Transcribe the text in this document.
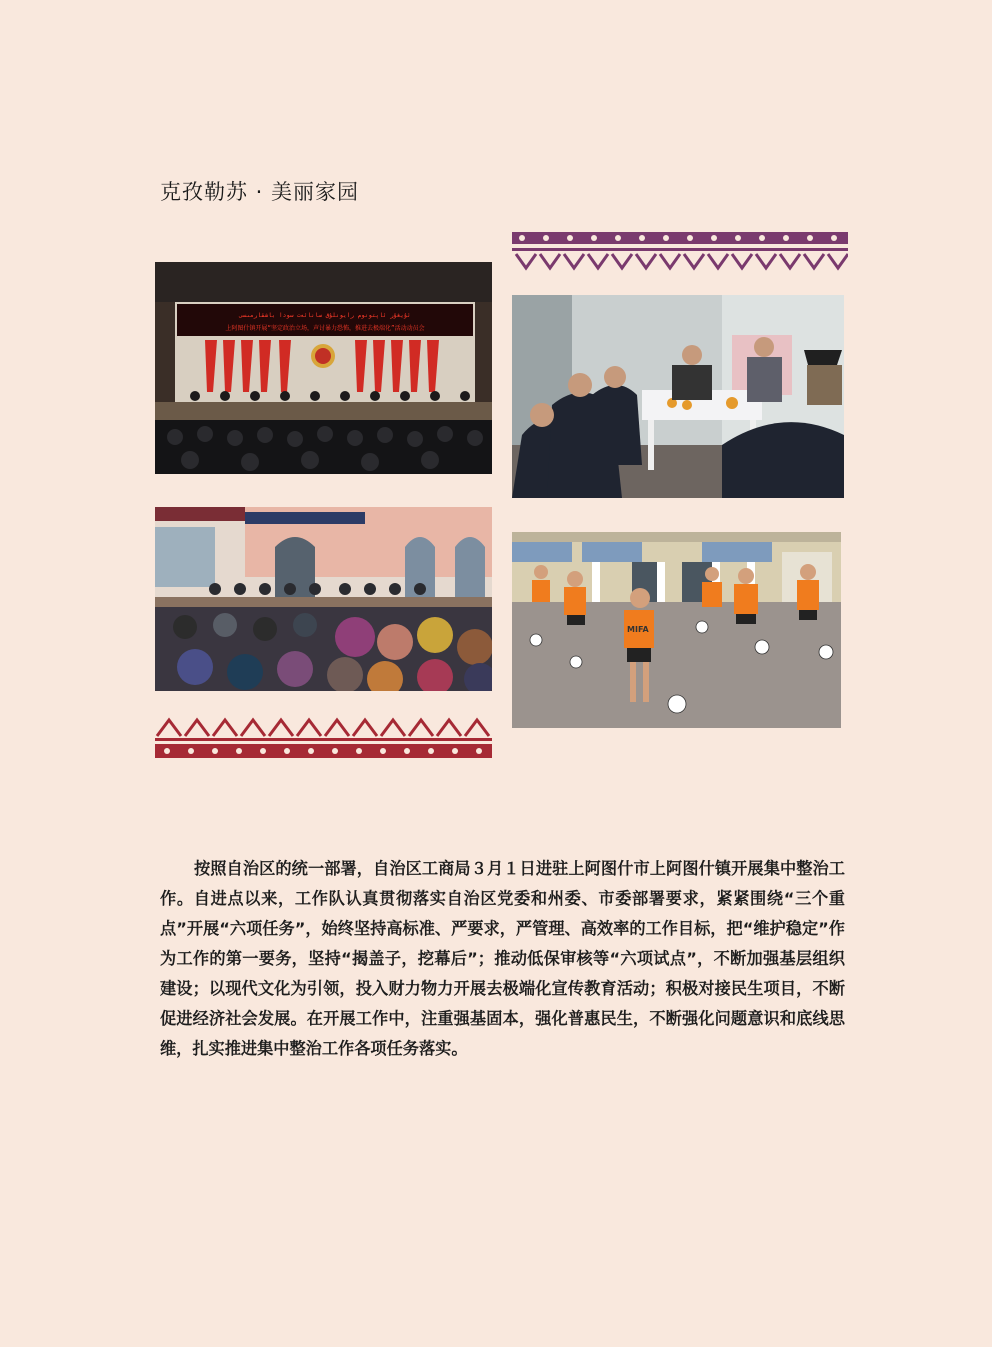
克孜勒苏 · 美丽家园
ئۇيغۇر ئاپتونوم رايونلۇق سانائەت سودا باشقارمىسى
上阿图什镇开展“坚定政治立场，声讨暴力恐怖，推进去极端化”活动动员会
MIFA

按照自治区的统一部署，自治区工商局３月１日进驻上阿图什市上阿图什镇开展集中整治工作。自进点以来，工作队认真贯彻落实自治区党委和州委、市委部署要求，紧紧围绕“三个重点”开展“六项任务”，始终坚持高标准、严要求，严管理、高效率的工作目标，把“维护稳定”作为工作的第一要务，坚持“揭盖子，挖幕后”；推动低保审核等“六项试点”，不断加强基层组织建设；以现代文化为引领，投入财力物力开展去极端化宣传教育活动；积极对接民生项目，不断促进经济社会发展。在开展工作中，注重强基固本，强化普惠民生，不断强化问题意识和底线思维，扎实推进集中整治工作各项任务落实。
